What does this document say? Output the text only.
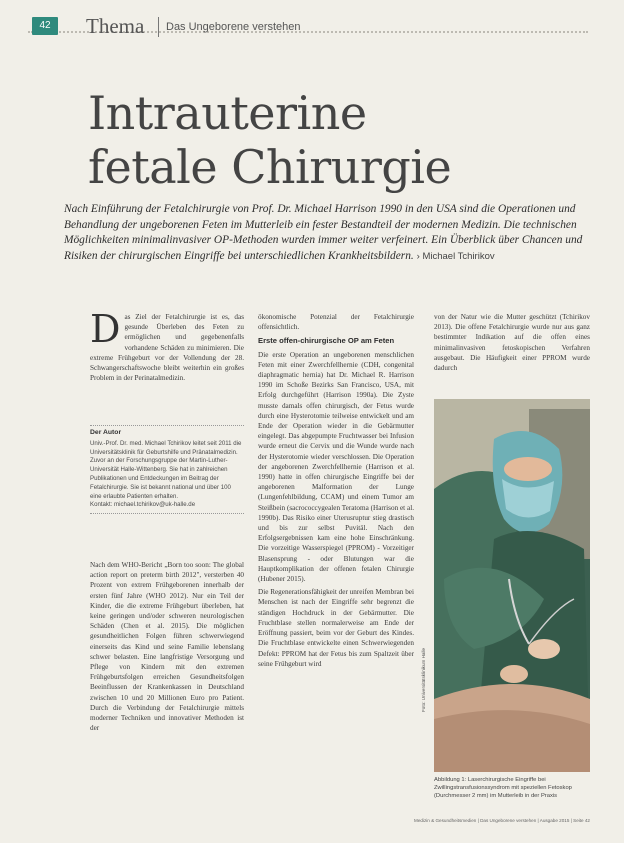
42	Thema Das Ungeborene verstehen
Intrauterine
fetale Chirurgie
Nach Einführung der Fetalchirurgie von Prof. Dr. Michael Harrison 1990 in den USA sind die Operationen und Behandlung der ungeborenen Feten im Mutterleib ein fester Bestandteil der modernen Medizin. Die technischen Möglichkeiten minimalinvasiver OP-Methoden wurden immer weiter verfeinert. Ein Überblick über Chancen und Risiken der chirurgischen Eingriffe bei unterschiedlichen Krankheitsbildern. › Michael Tchirikov
D as Ziel der Fetalchirurgie ist es, das gesunde Überleben des Feten zu ermöglichen und gegebenenfalls vorhandene Schäden zu minimieren. Die extreme Frühgeburt vor der Vollendung der 28. Schwangerschaftswoche bleibt weiterhin ein großes Problem in der Perinatalmedizin.

Der Autor
Univ.-Prof. Dr. med. Michael Tchirikov leitet seit 2011 die Universitätsklinik für Geburtshilfe und Pränatalmedizin. Zuvor an der Forschungsgruppe der Martin-Luther-Universität Halle-Wittenberg. Sie hat in zahlreichen Publikationen und Entdeckungen im Beitrag der Fetalchirurgie. Sie ist bekannt national und über 100 eine erlaubte Patienten erhalten.
Kontakt: michael.tchirikov@uk-halle.de

Nach dem WHO-Bericht „Born too soon: The global action report on preterm birth 2012", versterben 40 Prozent von extrem Frühgeborenen innerhalb der ersten fünf Jahre (WHO 2012). Nur ein Teil der Kinder, die die extreme Frühgeburt überleben, hat keine geringen und/oder schweren neurologischen Schäden (Chen et al. 2015). Die möglichen gesundheitlichen Folgen führen schwerwiegend einerseits das Kind und seine Familie lebenslang schwer belasten. Eine langfristige Versorgung und Pflege von Kindern mit den extremen Frühgeburtsfolgen erreichen Gesundheitsfolgen Beeinflussen der Krankenkassen in Deutschland zwischen 10 und 20 Millionen Euro pro Patient. Durch die Verbindung der Fetalchirurgie mittels moderner Techniken und innovativer Methoden ist der

ökonomische Potenzial der Fetalchirurgie offensichtlich.

Erste offen-chirurgische OP am Feten

Die erste Operation an ungeborenen menschlichen Feten mit einer Zwerchfellhernie (CDH, congenital diaphragmatic hernia) hat Dr. Michael R. Harrison 1990 im Schoße Bezirks San Francisco, USA, mit Erfolg durchgeführt (Harrison 1990a). Die Zyste musste damals offen chirurgisch, der Fetus wurde durch eine Hysterotomie teilweise entwickelt und am Ende der Operation wieder in die Gebärmutter eingelegt. Das abgepumpte Fruchtwasser bei Infusion wurde erneut die Cervix und die Wunde wurde nach der Hysterotomie wieder verschlossen. Die Operation der angeborenen Zwerchfellhernie (Harrison et al. 1990) hatte in offen chirurgische Eingriffe bei der angeborenen Malformation der Lunge (Lungenfehlbildung, CCAM) und einem Tumor am Steißbein (sacrococcygealen Teratoma (Harrison et al. 1990b). Das Risiko einer Uterusruptur stieg drastisch und bis zur selbst Puvitäl. Nach den Erfolgsergebnissen kam eine hohe Einschränkung. Die vorzeitige Wasserspiegel (PPROM) - Vorzeitiger Blasensprung - oder Blutungen war die Hauptkomplikation der offenen fetalen Chirurgie (Hubener 2015).

Die Regenerationsfähigkeit der unreifen Membran bei Menschen ist nach der Eingriffe sehr begrenzt die ständigen Hochdruck in der Gebärmutter. Die Fruchtblase stellen normalerweise am Ende der Eröffnung passiert, beim vor der Geburt des Kindes. Die Fruchtblase entwickelte einen Schwerwiegenden Defekt: PPROM hat der Fetus bis zum Spaltzeit über seine Frühgeburt wird

von der Natur wie die Mutter geschützt (Tchirikov 2013). Die offene Fetalchirurgie wurde nur aus ganz bestimmter Indikation auf die offen eines minimalinvasiven fetoskopischen Verfahren ausgebaut. Die Häufigkeit einer PPROM wurde dadurch

Foto: Universitätsklinikum Halle
Abbildung 1: Laserchirurgische Eingriffe bei Zwillingstransfusionssyndrom mit speziellen Fetoskop (Durchmesser 2 mm) im Mutterleib in der Praxis
Medizin & Gesundheitsmedien | Das Ungeborene verstehen | Ausgabe 2015 | Seite 42
